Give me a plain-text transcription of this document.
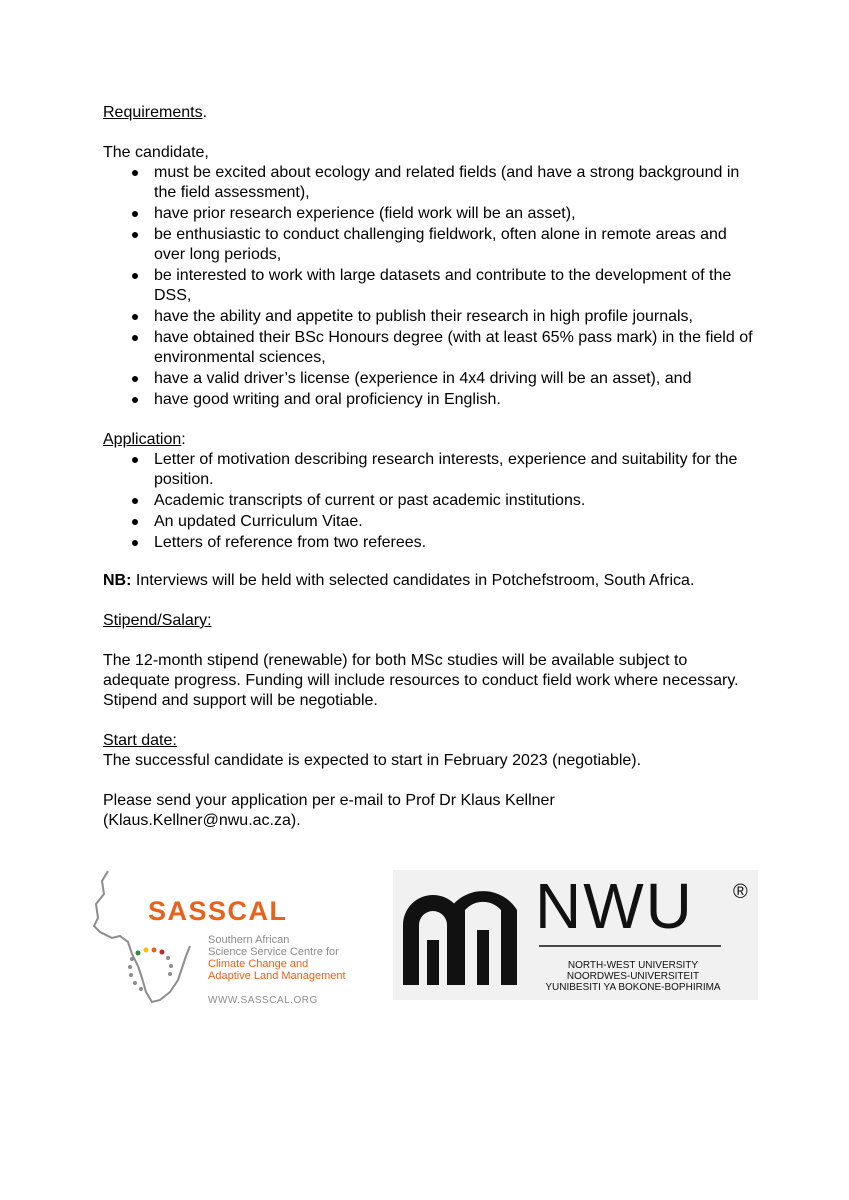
Requirements.

The candidate,

must be excited about ecology and related fields (and have a strong background in the field assessment),
have prior research experience (field work will be an asset),
be enthusiastic to conduct challenging fieldwork, often alone in remote areas and over long periods,
be interested to work with large datasets and contribute to the development of the DSS,
have the ability and appetite to publish their research in high profile journals,
have obtained their BSc Honours degree (with at least 65% pass mark) in the field of environmental sciences,
have a valid driver’s license (experience in 4x4 driving will be an asset), and
have good writing and oral proficiency in English.

Application:

Letter of motivation describing research interests, experience and suitability for the position.
Academic transcripts of current or past academic institutions.
An updated Curriculum Vitae.
Letters of reference from two referees.

NB: Interviews will be held with selected candidates in Potchefstroom, South Africa.

Stipend/Salary:

The 12-month stipend (renewable) for both MSc studies will be available subject to adequate progress. Funding will include resources to conduct field work where necessary. Stipend and support will be negotiable.

Start date:

The successful candidate is expected to start in February 2023 (negotiable).

Please send your application per e-mail to Prof Dr Klaus Kellner

(Klaus.Kellner@nwu.ac.za).

SASSCAL
Southern African
Science Service Centre for
Climate Change and
Adaptive Land Management
WWW.SASSCAL.ORG
NWU ®
NORTH-WEST UNIVERSITY
NOORDWES-UNIVERSITEIT
YUNIBESITI YA BOKONE-BOPHIRIMA
